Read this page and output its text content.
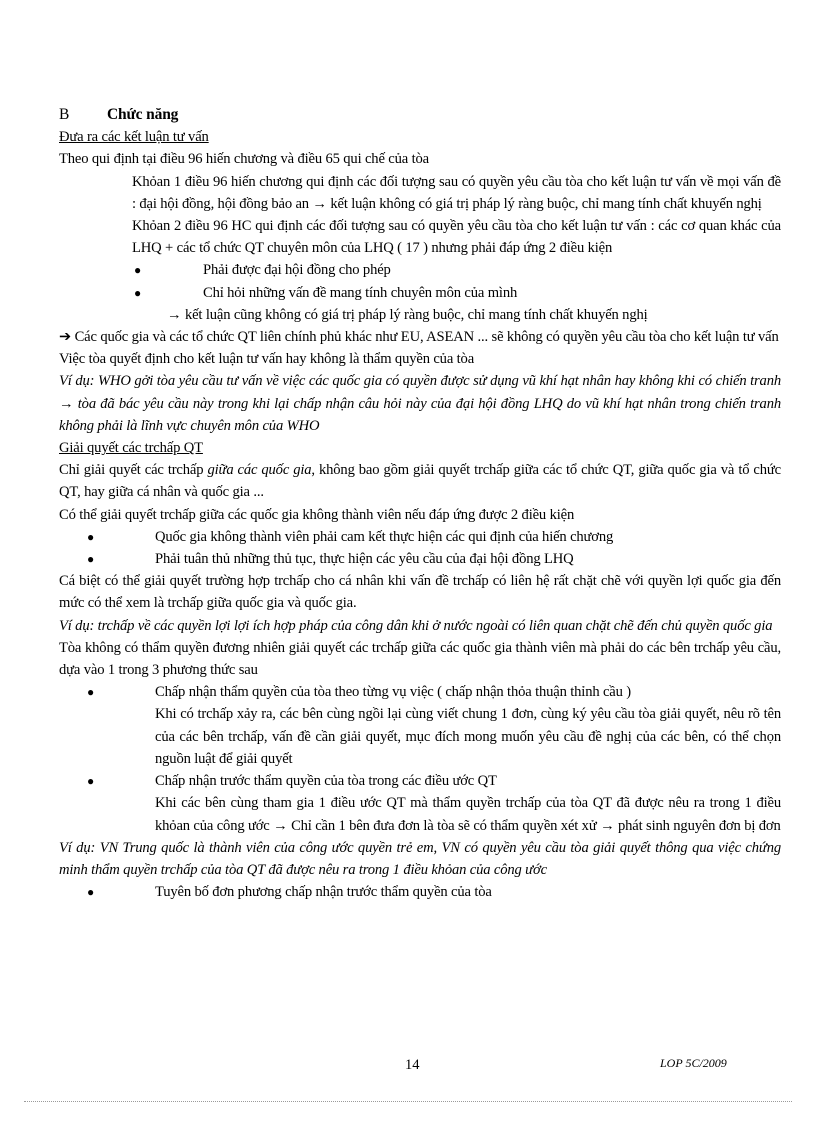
B Chức năng
Đưa ra các kết luận tư vấn
Theo qui định tại điều 96 hiến chương và điều 65 qui chế của tòa
Khỏan 1 điều 96 hiến chương qui định các đối tượng sau có quyền yêu cầu tòa cho kết luận tư vấn về mọi vấn đề : đại hội đồng, hội đồng bảo an → kết luận không có giá trị pháp lý ràng buộc, chỉ mang tính chất khuyến nghị
Khỏan 2 điều 96 HC qui định các đối tượng sau có quyền yêu cầu tòa cho kết luận tư vấn : các cơ quan khác của LHQ + các tổ chức QT chuyên môn của LHQ ( 17 ) nhưng phải đáp ứng 2 điều kiện
●	Phải được đại hội đồng cho phép
●	Chỉ hỏi những vấn đề mang tính chuyên môn của mình
→ kết luận cũng không có giá trị pháp lý ràng buộc, chỉ mang tính chất khuyến nghị
➔ Các quốc gia và các tổ chức QT liên chính phủ khác như EU, ASEAN ... sẽ không có quyền yêu cầu tòa cho kết luận tư vấn
Việc tòa quyết định cho kết luận tư vấn hay không là thẩm quyền của tòa
Ví dụ: WHO gởi tòa yêu cầu tư vấn về việc các quốc gia có quyền được sử dụng vũ khí hạt nhân hay không khi có chiến tranh → tòa đã bác yêu cầu này trong khi lại chấp nhận câu hỏi này của đại hội đồng LHQ do vũ khí hạt nhân trong chiến tranh không phải là lĩnh vực chuyên môn của WHO
Giải quyết các trchấp QT
Chỉ giải quyết các trchấp giữa các quốc gia, không bao gồm giải quyết trchấp giữa các tổ chức QT, giữa quốc gia và tổ chức QT, hay giữa cá nhân và quốc gia ...
Có thể giải quyết trchấp giữa các quốc gia không thành viên nếu đáp ứng được 2 điều kiện
●	Quốc gia không thành viên phải cam kết thực hiện các qui định của hiến chương
●	Phải tuân thủ những thủ tục, thực hiện các yêu cầu của đại hội đồng LHQ
Cá biệt có thể giải quyết trường hợp trchấp cho cá nhân khi vấn đề trchấp có liên hệ rất chặt chẽ với quyền lợi quốc gia đến mức có thể xem là trchấp giữa quốc gia và quốc gia.
Ví dụ: trchấp về các quyền lợi lợi ích hợp pháp của công dân khi ở nước ngoài có liên quan chặt chẽ đến chủ quyền quốc gia
Tòa không có thẩm quyền đương nhiên giải quyết các trchấp giữa các quốc gia thành viên mà phải do các bên trchấp yêu cầu, dựa vào 1 trong 3 phương thức sau
●	Chấp nhận thẩm quyền của tòa theo từng vụ việc ( chấp nhận thỏa thuận thỉnh cầu )
Khi có trchấp xảy ra, các bên cùng ngồi lại cùng viết chung 1 đơn, cùng ký yêu cầu tòa giải quyết, nêu rõ tên của các bên trchấp, vấn đề cần giải quyết, mục đích mong muốn yêu cầu đề nghị của các bên, có thể chọn nguồn luật để giải quyết
●	Chấp nhận trước thẩm quyền của tòa trong các điều ước QT
Khi các bên cùng tham gia 1 điều ước QT mà thẩm quyền trchấp của tòa QT đã được nêu ra trong 1 điều khỏan của công ước → Chỉ cần 1 bên đưa đơn là tòa sẽ có thẩm quyền xét xử → phát sinh nguyên đơn bị đơn
Ví dụ: VN Trung quốc là thành viên của công ước quyền trẻ em, VN có quyền yêu cầu tòa giải quyết thông qua việc chứng minh thẩm quyền trchấp của tòa QT đã được nêu ra trong 1 điều khỏan của công ước
●	Tuyên bố đơn phương chấp nhận trước thẩm quyền của tòa
14	LOP 5C/2009
